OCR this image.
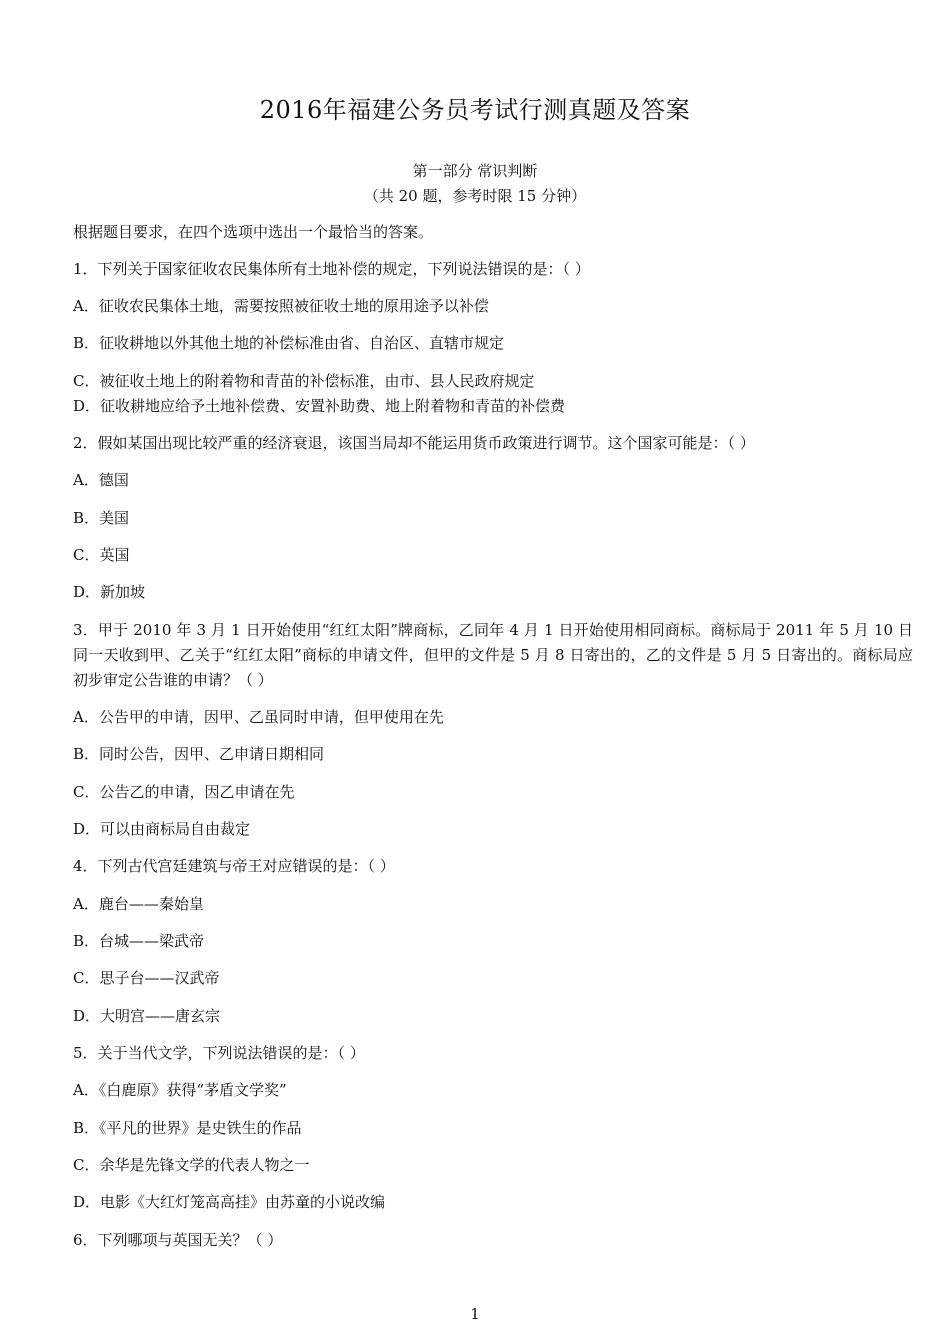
2016年福建公务员考试行测真题及答案
第一部分 常识判断
（共 20 题，参考时限 15 分钟）
根据题目要求，在四个选项中选出一个最恰当的答案。
1．下列关于国家征收农民集体所有土地补偿的规定，下列说法错误的是：（ ）
A．征收农民集体土地，需要按照被征收土地的原用途予以补偿
B．征收耕地以外其他土地的补偿标准由省、自治区、直辖市规定
C．被征收土地上的附着物和青苗的补偿标准，由市、县人民政府规定
D．征收耕地应给予土地补偿费、安置补助费、地上附着物和青苗的补偿费
2．假如某国出现比较严重的经济衰退，该国当局却不能运用货币政策进行调节。这个国家可能是：（ ）
A．德国
B．美国
C．英国
D．新加坡
3．甲于 2010 年 3 月 1 日开始使用“红红太阳”牌商标，乙同年 4 月 1 日开始使用相同商标。商标局于 2011 年 5 月 10 日同一天收到甲、乙关于“红红太阳”商标的申请文件，但甲的文件是 5 月 8 日寄出的，乙的文件是 5 月 5 日寄出的。商标局应初步审定公告谁的申请？（ ）
A．公告甲的申请，因甲、乙虽同时申请，但甲使用在先
B．同时公告，因甲、乙申请日期相同
C．公告乙的申请，因乙申请在先
D．可以由商标局自由裁定
4．下列古代宫廷建筑与帝王对应错误的是：（ ）
A．鹿台——秦始皇
B．台城——梁武帝
C．思子台——汉武帝
D．大明宫——唐玄宗
5．关于当代文学，下列说法错误的是：（ ）
A．《白鹿原》获得“茅盾文学奖”
B．《平凡的世界》是史铁生的作品
C．余华是先锋文学的代表人物之一
D．电影《大红灯笼高高挂》由苏童的小说改编
6．下列哪项与英国无关？（ ）
1
